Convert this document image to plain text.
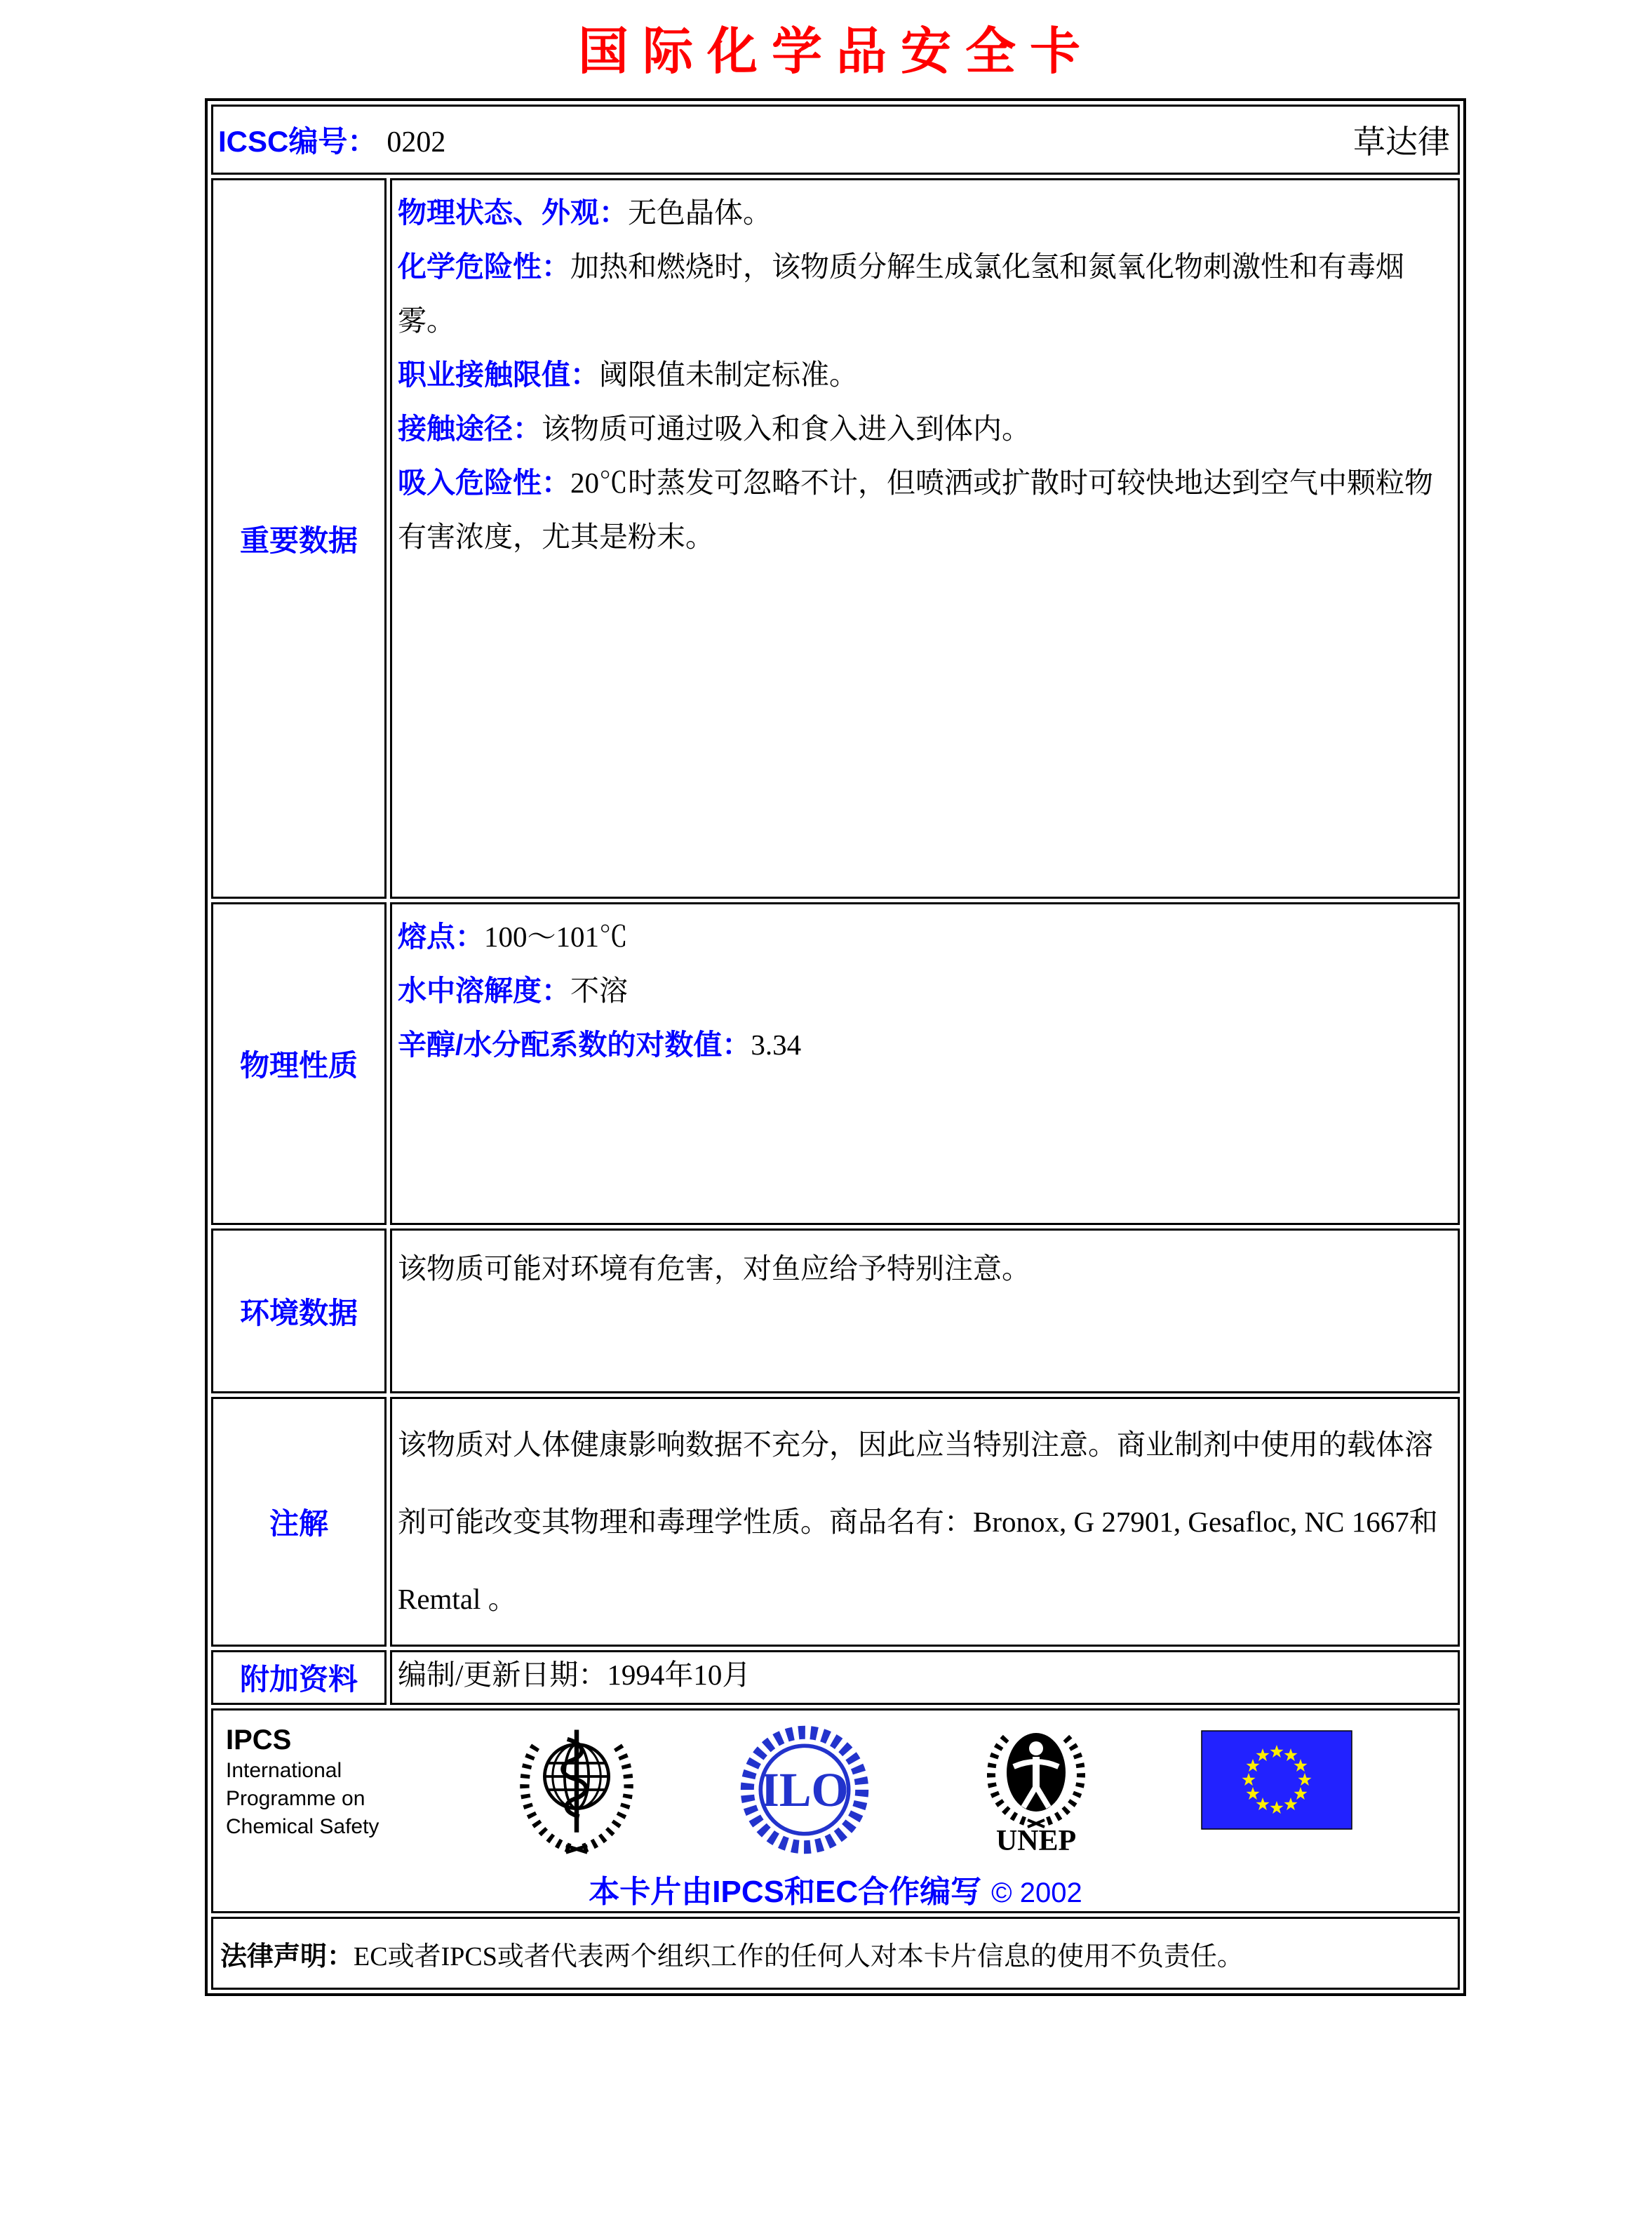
国际化学品安全卡
ICSC编号： 0202 草达律	

重要数据	物理状态、外观：无色晶体。
化学危险性：加热和燃烧时，该物质分解生成氯化氢和氮氧化物刺激性和有毒烟雾。
职业接触限值：阈限值未制定标准。
接触途径：该物质可通过吸入和食入进入到体内。
吸入危险性：20℃时蒸发可忽略不计，但喷洒或扩散时可较快地达到空气中颗粒物有害浓度，尤其是粉末。

物理性质	熔点：100～101℃
水中溶解度：不溶
辛醇/水分配系数的对数值：3.34

环境数据	该物质可能对环境有危害，对鱼应给予特别注意。
注解	该物质对人体健康影响数据不充分，因此应当特别注意。商业制剂中使用的载体溶剂可能改变其物理和毒理学性质。商品名有：Bronox, G 27901, Gesafloc, NC 1667和Remtal 。
附加资料	编制/更新日期：1994年10月

IPCS
International
Programme on
Chemical Safety
ILO
UNEP
本卡片由IPCS和EC合作编写 © 2002

法律声明：EC或者IPCS或者代表两个组织工作的任何人对本卡片信息的使用不负责任。	
